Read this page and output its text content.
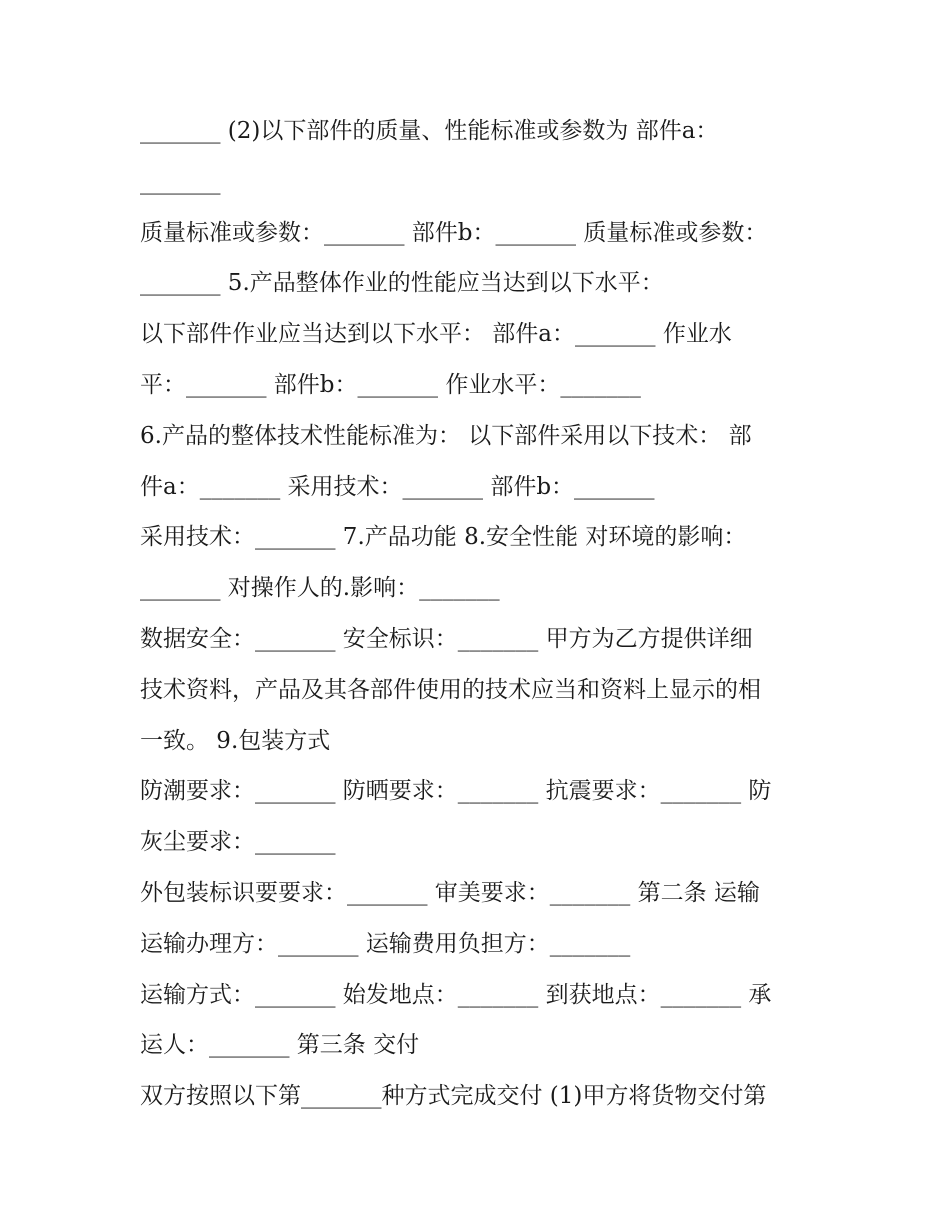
_______ (2)以下部件的质量、性能标准或参数为 部件a：
_______
质量标准或参数：_______ 部件b：_______ 质量标准或参数：
_______ 5.产品整体作业的性能应当达到以下水平：
以下部件作业应当达到以下水平： 部件a：_______ 作业水
平：_______ 部件b：_______ 作业水平：_______
6.产品的整体技术性能标准为： 以下部件采用以下技术： 部
件a：_______ 采用技术：_______ 部件b：_______
采用技术：_______ 7.产品功能 8.安全性能 对环境的影响：
_______ 对操作人的.影响：_______
数据安全：_______ 安全标识：_______ 甲方为乙方提供详细
技术资料，产品及其各部件使用的技术应当和资料上显示的相
一致。 9.包装方式
防潮要求：_______ 防晒要求：_______ 抗震要求：_______ 防
灰尘要求：_______
外包装标识要要求：_______ 审美要求：_______ 第二条 运输
运输办理方：_______ 运输费用负担方：_______
运输方式：_______ 始发地点：_______ 到获地点：_______ 承
运人：_______ 第三条 交付
双方按照以下第_______种方式完成交付 (1)甲方将货物交付第
